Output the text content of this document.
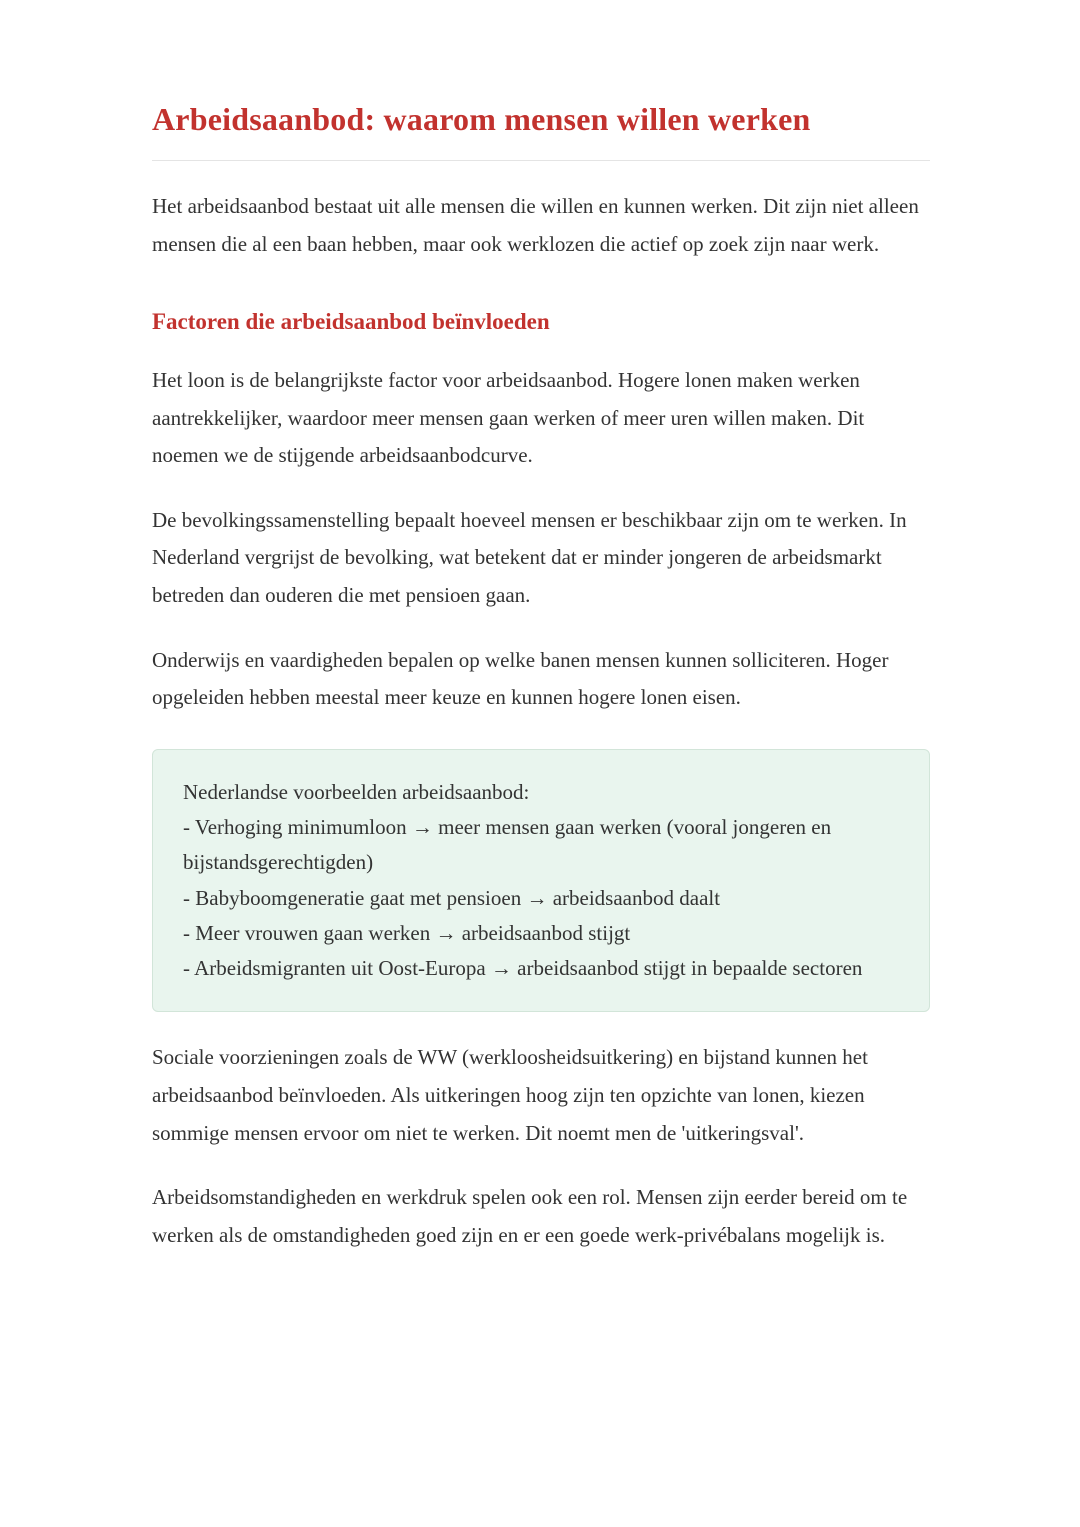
Arbeidsaanbod: waarom mensen willen werken

Het arbeidsaanbod bestaat uit alle mensen die willen en kunnen werken. Dit zijn niet alleen mensen die al een baan hebben, maar ook werklozen die actief op zoek zijn naar werk.

Factoren die arbeidsaanbod beïnvloeden

Het loon is de belangrijkste factor voor arbeidsaanbod. Hogere lonen maken werken aantrekkelijker, waardoor meer mensen gaan werken of meer uren willen maken. Dit noemen we de stijgende arbeidsaanbodcurve.

De bevolkingssamenstelling bepaalt hoeveel mensen er beschikbaar zijn om te werken. In Nederland vergrijst de bevolking, wat betekent dat er minder jongeren de arbeidsmarkt betreden dan ouderen die met pensioen gaan.

Onderwijs en vaardigheden bepalen op welke banen mensen kunnen solliciteren. Hoger opgeleiden hebben meestal meer keuze en kunnen hogere lonen eisen.

Nederlandse voorbeelden arbeidsaanbod:
- Verhoging minimumloon → meer mensen gaan werken (vooral jongeren en bijstandsgerechtigden)
- Babyboomgeneratie gaat met pensioen → arbeidsaanbod daalt
- Meer vrouwen gaan werken → arbeidsaanbod stijgt
- Arbeidsmigranten uit Oost-Europa → arbeidsaanbod stijgt in bepaalde sectoren

Sociale voorzieningen zoals de WW (werkloosheidsuitkering) en bijstand kunnen het arbeidsaanbod beïnvloeden. Als uitkeringen hoog zijn ten opzichte van lonen, kiezen sommige mensen ervoor om niet te werken. Dit noemt men de 'uitkeringsval'.

Arbeidsomstandigheden en werkdruk spelen ook een rol. Mensen zijn eerder bereid om te werken als de omstandigheden goed zijn en er een goede werk-privébalans mogelijk is.
